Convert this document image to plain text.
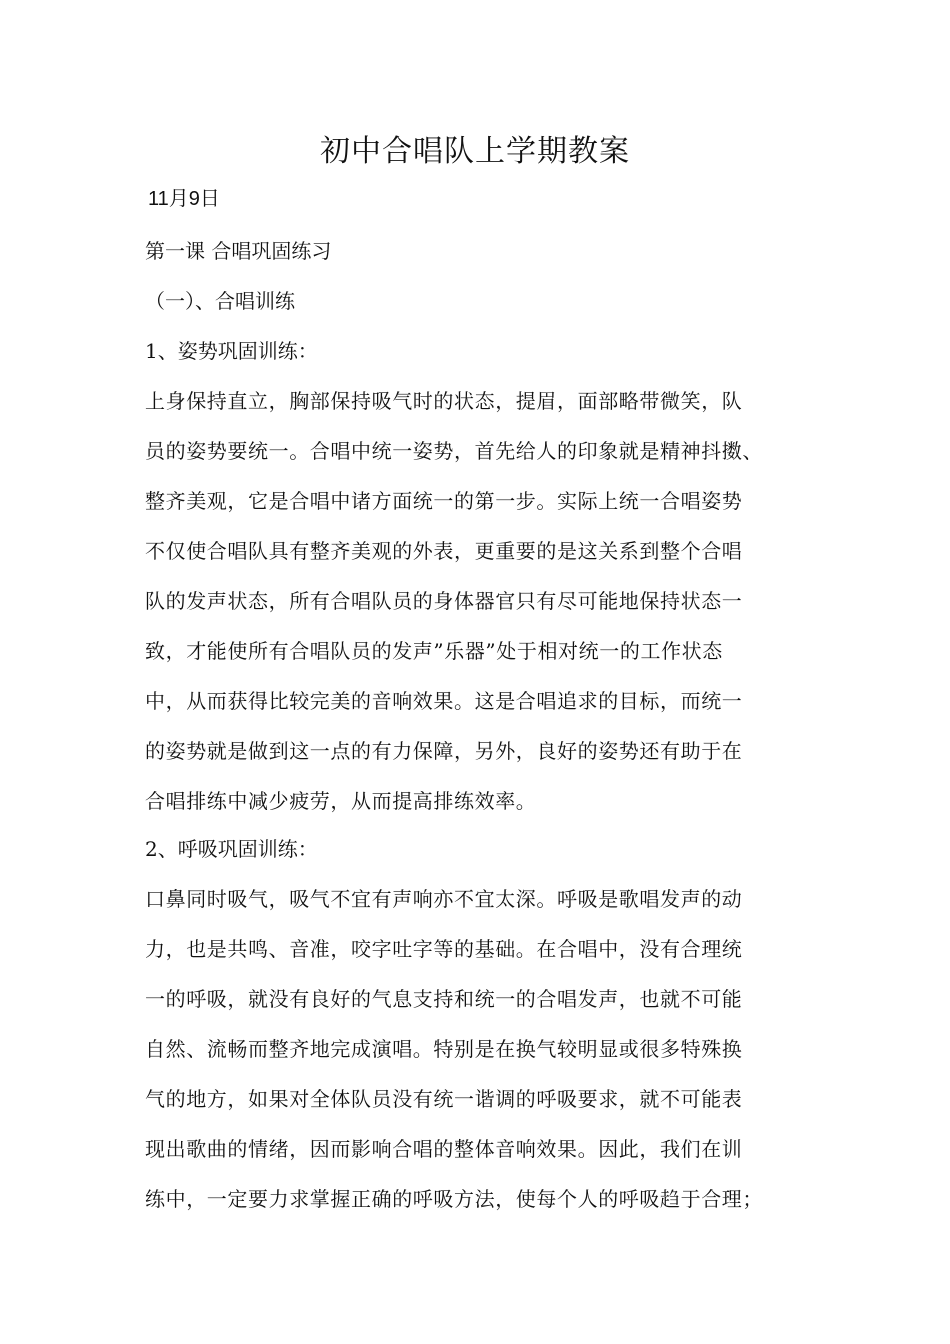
初中合唱队上学期教案
11月9日
第一课 合唱巩固练习
（一）、合唱训练
1、姿势巩固训练：
上身保持直立，胸部保持吸气时的状态，提眉，面部略带微笑，队
员的姿势要统一。合唱中统一姿势，首先给人的印象就是精神抖擞、
整齐美观，它是合唱中诸方面统一的第一步。实际上统一合唱姿势
不仅使合唱队具有整齐美观的外表，更重要的是这关系到整个合唱
队的发声状态，所有合唱队员的身体器官只有尽可能地保持状态一
致，才能使所有合唱队员的发声”乐器”处于相对统一的工作状态
中，从而获得比较完美的音响效果。这是合唱追求的目标，而统一
的姿势就是做到这一点的有力保障，另外，良好的姿势还有助于在
合唱排练中减少疲劳，从而提高排练效率。
2、呼吸巩固训练：
口鼻同时吸气，吸气不宜有声响亦不宜太深。呼吸是歌唱发声的动
力，也是共鸣、音准，咬字吐字等的基础。在合唱中，没有合理统
一的呼吸，就没有良好的气息支持和统一的合唱发声，也就不可能
自然、流畅而整齐地完成演唱。特别是在换气较明显或很多特殊换
气的地方，如果对全体队员没有统一谐调的呼吸要求，就不可能表
现出歌曲的情绪，因而影响合唱的整体音响效果。因此，我们在训
练中，一定要力求掌握正确的呼吸方法，使每个人的呼吸趋于合理；
